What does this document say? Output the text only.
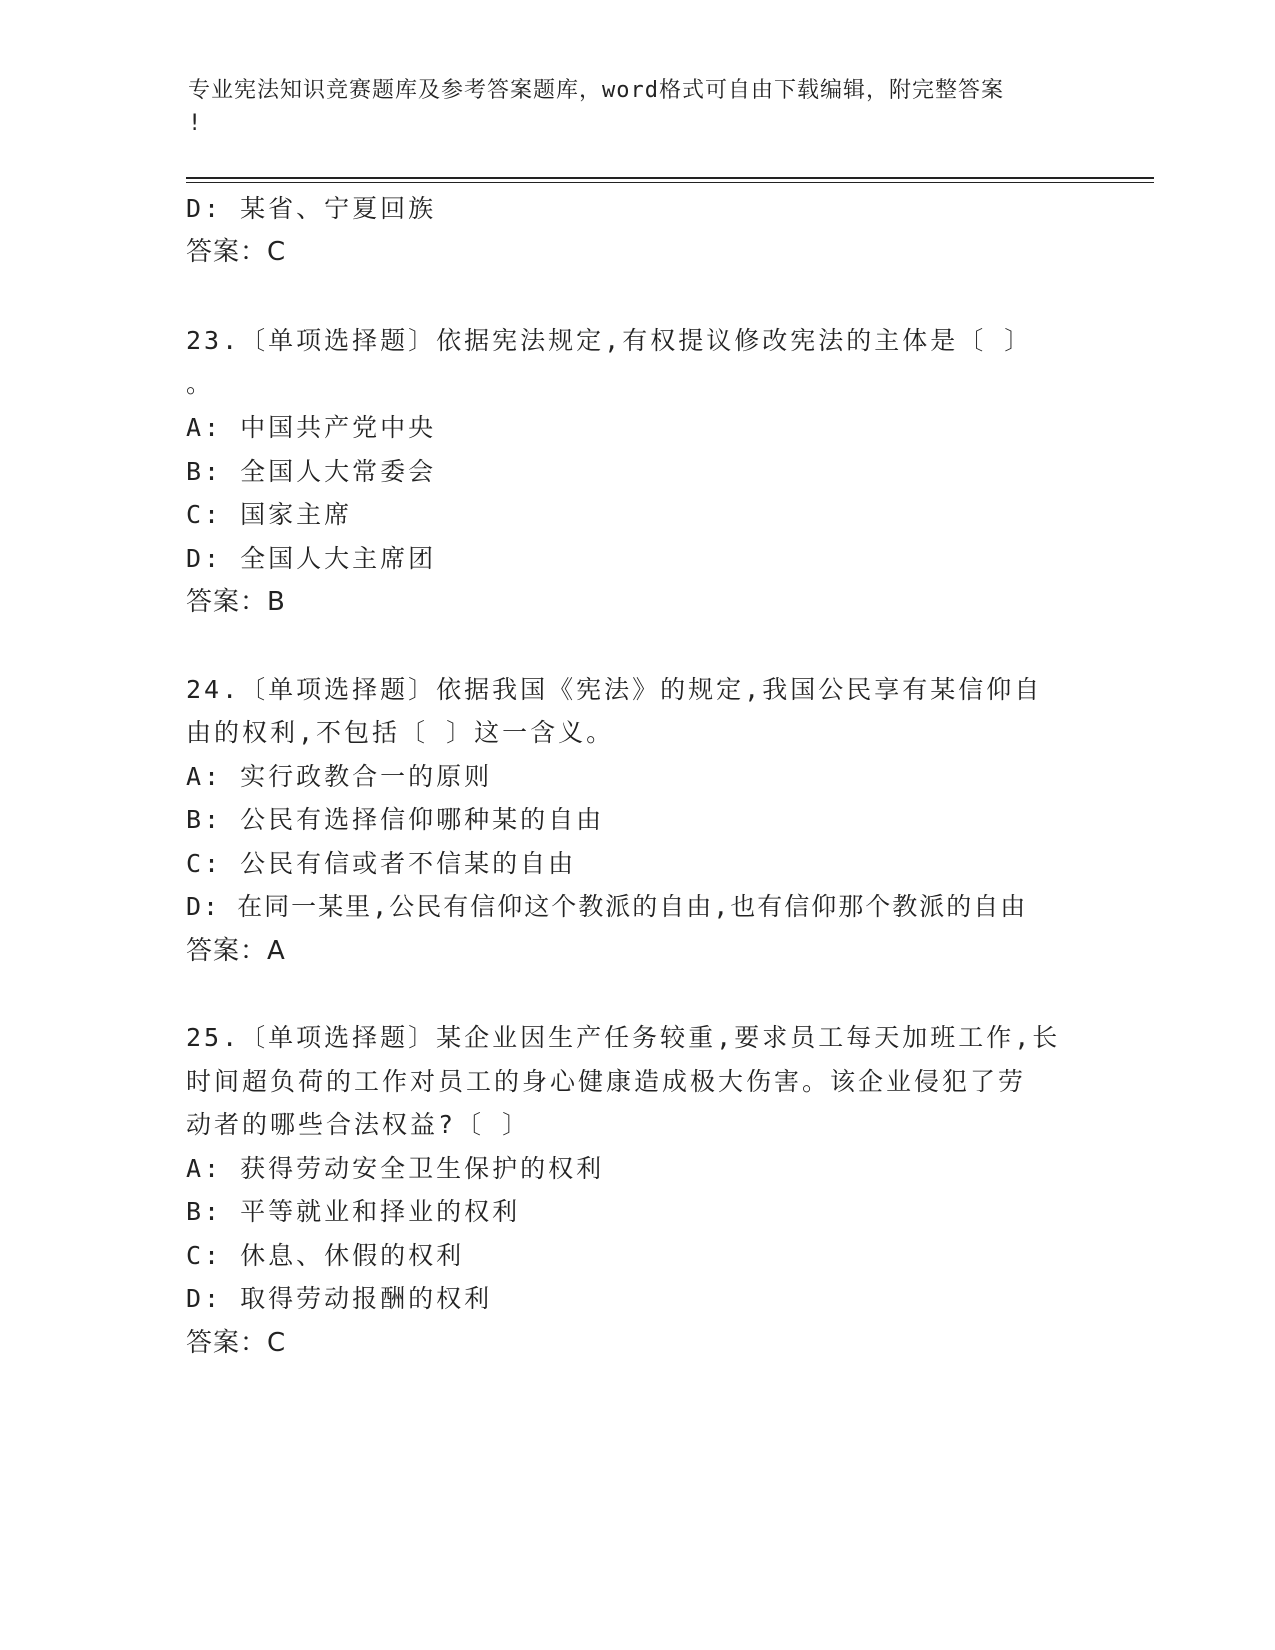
专业宪法知识竞赛题库及参考答案题库，word格式可自由下载编辑，附完整答案
!
D: 某省、宁夏回族
答案：C
23.〔单项选择题〕依据宪法规定,有权提议修改宪法的主体是〔 〕
。
A: 中国共产党中央
B: 全国人大常委会
C: 国家主席
D: 全国人大主席团
答案：B
24.〔单项选择题〕依据我国《宪法》的规定,我国公民享有某信仰自
由的权利,不包括〔 〕这一含义。
A: 实行政教合一的原则
B: 公民有选择信仰哪种某的自由
C: 公民有信或者不信某的自由
D: 在同一某里,公民有信仰这个教派的自由,也有信仰那个教派的自由
答案：A
25.〔单项选择题〕某企业因生产任务较重,要求员工每天加班工作,长
时间超负荷的工作对员工的身心健康造成极大伤害。该企业侵犯了劳
动者的哪些合法权益?〔 〕
A: 获得劳动安全卫生保护的权利
B: 平等就业和择业的权利
C: 休息、休假的权利
D: 取得劳动报酬的权利
答案：C
